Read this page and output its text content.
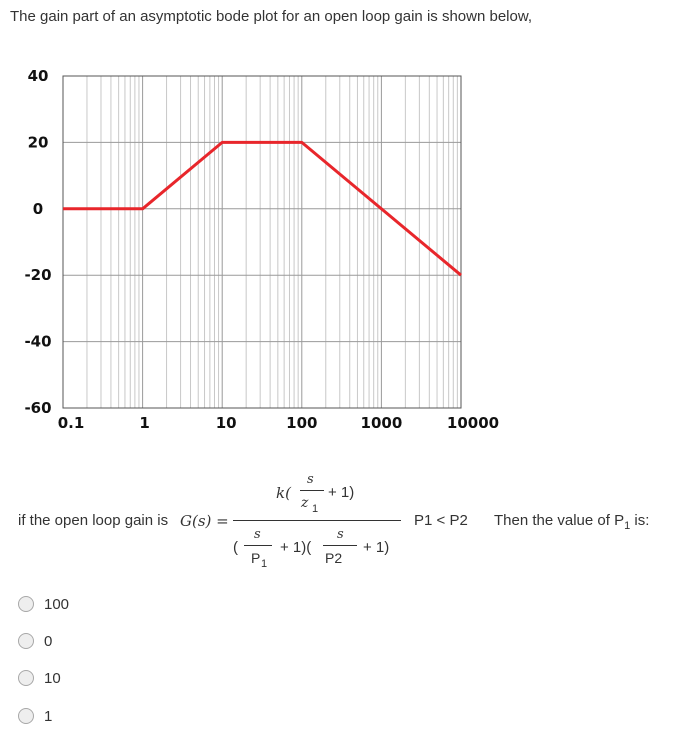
The gain part of an asymptotic bode plot for an open loop gain is shown below,
40
20
0
-20
-40
-60
0.1	1	10	100	1000	10000
if the open loop gain is G(s) =
k(
s
z 1
+ 1)
(
s
P 1
+ 1)(
s
P2
+ 1)
P1 < P2 Then the value of $P_1$ is:
100
0
10
1
